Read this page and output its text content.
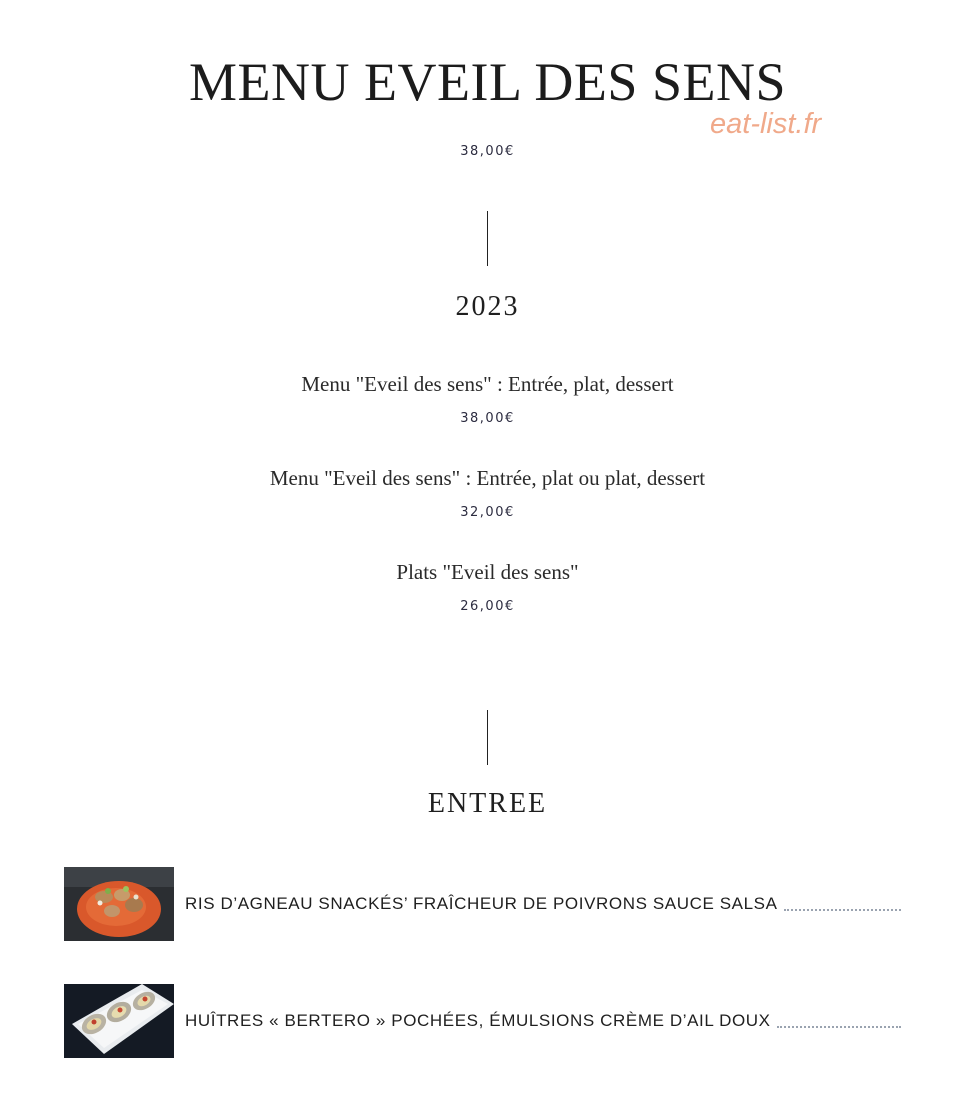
MENU EVEIL DES SENS
eat-list.fr
38,00€
2023
Menu "Eveil des sens" : Entrée, plat, dessert
38,00€
Menu "Eveil des sens" : Entrée, plat ou plat, dessert
32,00€
Plats "Eveil des sens"
26,00€
ENTREE
RIS D’AGNEAU SNACKÉS’ FRAÎCHEUR DE POIVRONS SAUCE SALSA
HUÎTRES « BERTERO » POCHÉES, ÉMULSIONS CRÈME D’AIL DOUX
